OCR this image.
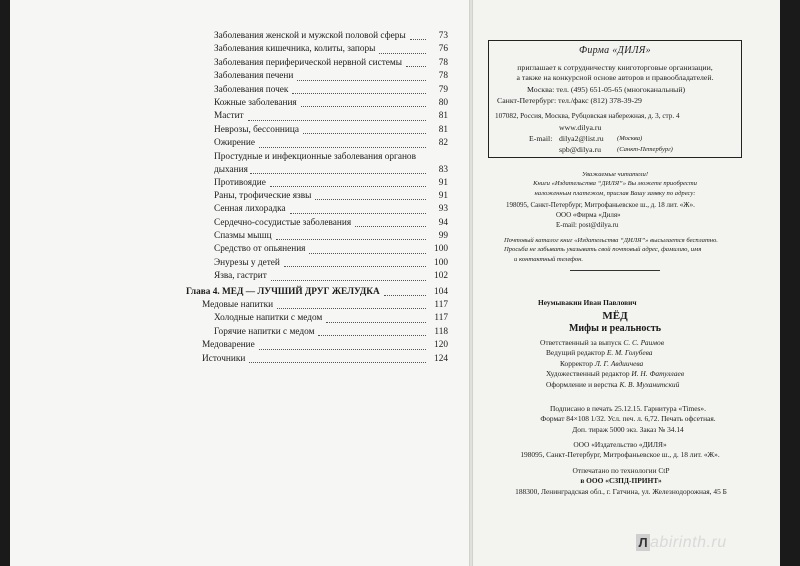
Заболевания женской и мужской половой сферы	73
Заболевания кишечника, колиты, запоры	76
Заболевания периферической нервной системы	78
Заболевания печени	78
Заболевания почек	79
Кожные заболевания	80
Мастит	81
Неврозы, бессонница	81
Ожирение	82
Простудные и инфекционные заболевания органов
дыхания	83
Противоядие	91
Раны, трофические язвы	91
Сенная лихорадка	93
Сердечно-сосудистые заболевания	94
Спазмы мышц	99
Средство от опьянения	100
Энурезы у детей	100
Язва, гастрит	102
Глава 4. МЕД — ЛУЧШИЙ ДРУГ ЖЕЛУДКА	104
Медовые напитки	117
Холодные напитки с медом	117
Горячие напитки с медом	118
Медоварение	120
Источники	124
Фирма «ДИЛЯ»
приглашает к сотрудничеству книготорговые организации,
а также на конкурсной основе авторов и правообладателей.
Москва: тел. (495) 651-05-65 (многоканальный)
Санкт-Петербург: тел./факс (812) 378-39-29
107082, Россия, Москва, Рубцовская набережная, д. 3, стр. 4
www.dilya.ru
E-mail: dilya2@list.ru (Москва)
spb@dilya.ru (Санкт-Петербург)
Уважаемые читатели!
Книги «Издательства “ДИЛЯ”» Вы можете приобрести
наложенным платежом, прислав Вашу заявку по адресу:
198095, Санкт-Петербург, Митрофаньевское ш., д. 18 лит. «Ж».
ООО «Фирма «Диля»
E-mail: post@dilya.ru
Почтовый каталог книг «Издательства “ДИЛЯ”» высылается бесплатно.
Просьба не забывать указывать свой почтовый адрес, фамилию, имя
и контактный телефон.
Неумывакин Иван Павлович
МЁД
Мифы и реальность
Ответственный за выпуск С. С. Раимов
Ведущий редактор Е. М. Голубева
Корректор Л. Г. Авдиичева
Художественный редактор И. Н. Фатуллаев
Оформление и верстка К. В. Муханитский
Подписано в печать 25.12.15. Гарнитура «Times».
Формат 84×108 1/32. Усл. печ. л. 6,72. Печать офсетная.
Доп. тираж 5000 экз. Заказ № 34.14
ООО «Издательство «ДИЛЯ»
198095, Санкт-Петербург, Митрофаньевское ш., д. 18 лит. «Ж».
Отпечатано по технологии CtP
в ООО «СЗПД-ПРИНТ»
188300, Ленинградская обл., г. Гатчина, ул. Железнодорожная, 45 Б
Л abirinth.ru
